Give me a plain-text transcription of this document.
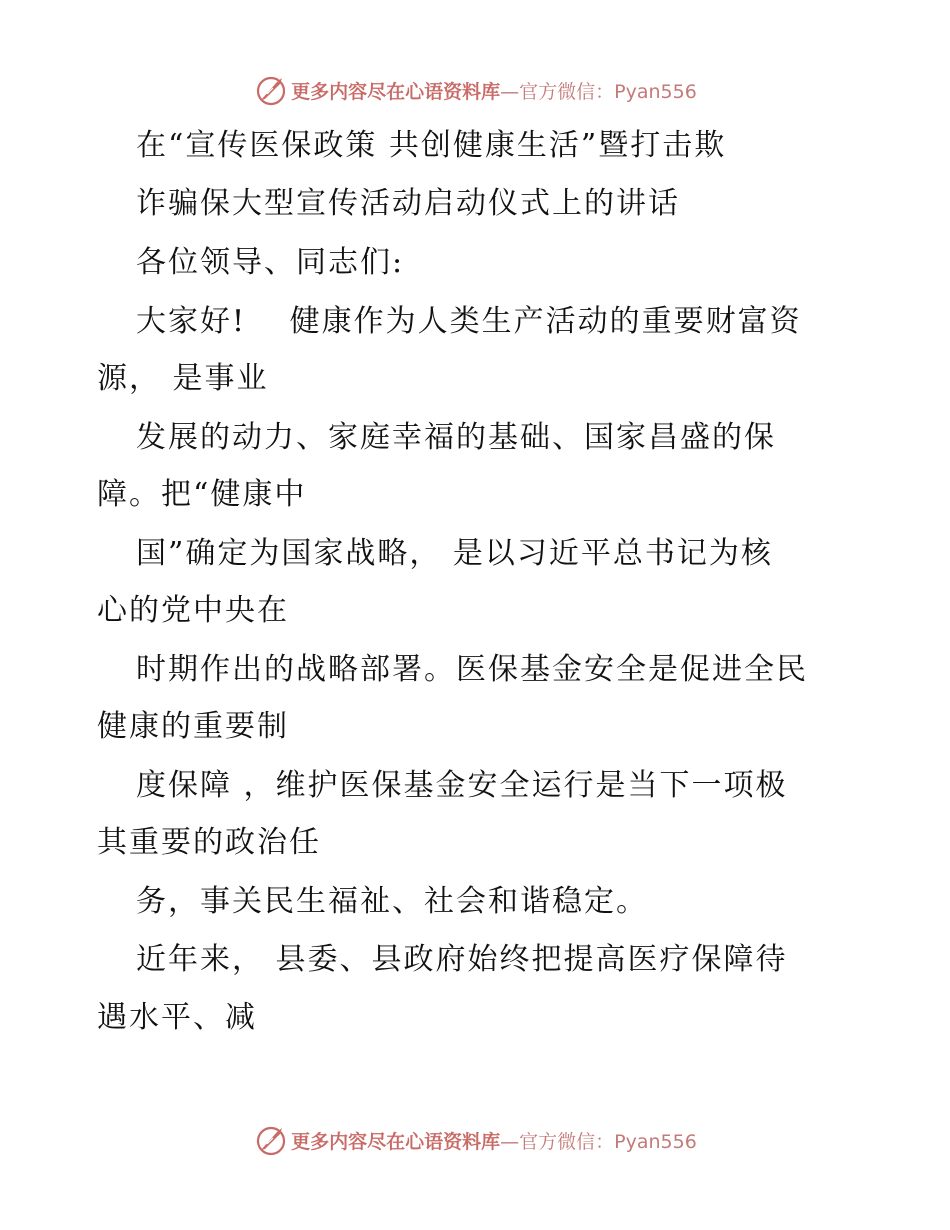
更多内容尽在心语资料库—官方微信：Pyan556
在“宣传医保政策 共创健康生活”暨打击欺
诈骗保大型宣传活动启动仪式上的讲话
各位领导、同志们:
大家好!　 健康作为人类生产活动的重要财富资
源， 是事业
发展的动力、家庭幸福的基础、国家昌盛的保
障。把“健康中
国”确定为国家战略， 是以习近平总书记为核
心的党中央在
时期作出的战略部署。医保基金安全是促进全民
健康的重要制
度保障 ，维护医保基金安全运行是当下一项极
其重要的政治任
务，事关民生福祉、社会和谐稳定。
近年来， 县委、县政府始终把提高医疗保障待
遇水平、减
更多内容尽在心语资料库—官方微信：Pyan556
